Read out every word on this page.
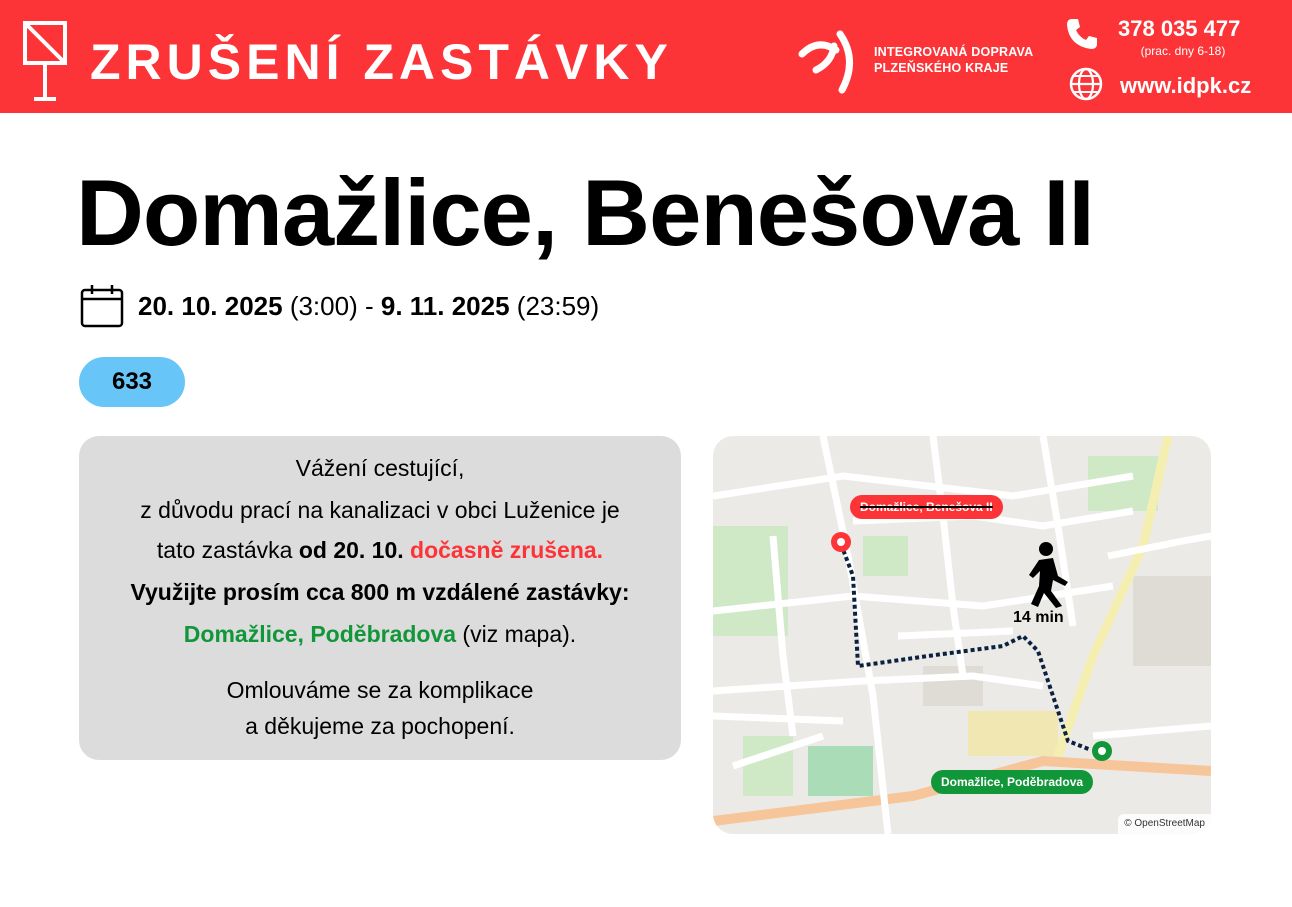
ZRUŠENÍ ZASTÁVKY	INTEGROVANÁ DOPRAVA
PLZEŇSKÉHO KRAJE
378 035 477
(prac. dny 6-18)
www.idpk.cz
Domažlice, Benešova II
20. 10. 2025 (3:00) - 9. 11. 2025 (23:59)
633

Vážení cestující,

z důvodu prací na kanalizaci v obci Luženice je

tato zastávka od 20. 10. dočasně zrušena.

Využijte prosím cca 800 m vzdálené zastávky:

Domažlice, Poděbradova (viz mapa).

Omlouváme se za komplikace

a děkujeme za pochopení.

Domažlice, Benešova II
14 min
Domažlice, Poděbradova
© OpenStreetMap
